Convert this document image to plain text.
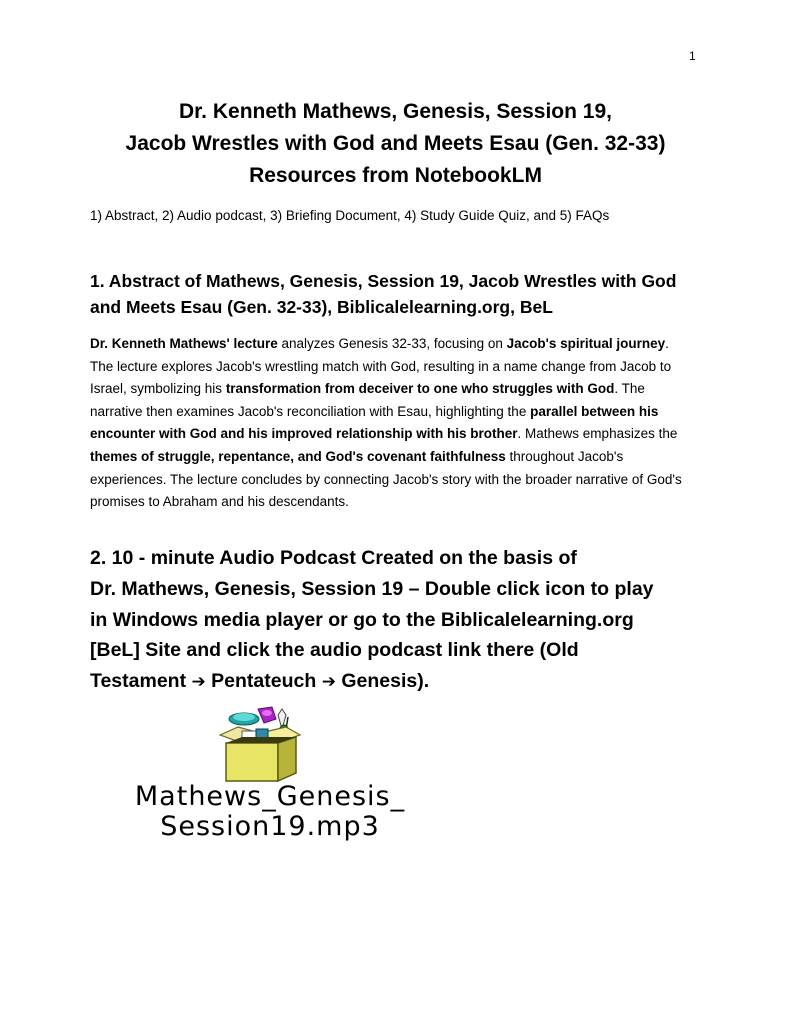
1
Dr. Kenneth Mathews, Genesis, Session 19,
Jacob Wrestles with God and Meets Esau (Gen. 32-33)
Resources from NotebookLM
1) Abstract, 2) Audio podcast, 3) Briefing Document, 4) Study Guide Quiz, and 5) FAQs
1. Abstract of Mathews, Genesis, Session 19, Jacob Wrestles with God
and Meets Esau (Gen. 32-33), Biblicalelearning.org, BeL
Dr. Kenneth Mathews' lecture analyzes Genesis 32-33, focusing on Jacob's spiritual journey. The lecture explores Jacob's wrestling match with God, resulting in a name change from Jacob to Israel, symbolizing his transformation from deceiver to one who struggles with God. The narrative then examines Jacob's reconciliation with Esau, highlighting the parallel between his encounter with God and his improved relationship with his brother. Mathews emphasizes the themes of struggle, repentance, and God's covenant faithfulness throughout Jacob's experiences. The lecture concludes by connecting Jacob's story with the broader narrative of God's promises to Abraham and his descendants.
2. 10 - minute Audio Podcast Created on the basis of
Dr. Mathews, Genesis, Session 19 – Double click icon to play
in Windows media player or go to the Biblicalelearning.org
[BeL] Site and click the audio podcast link there (Old
Testament ➔ Pentateuch ➔ Genesis).
Mathews_Genesis_
Session19.mp3
